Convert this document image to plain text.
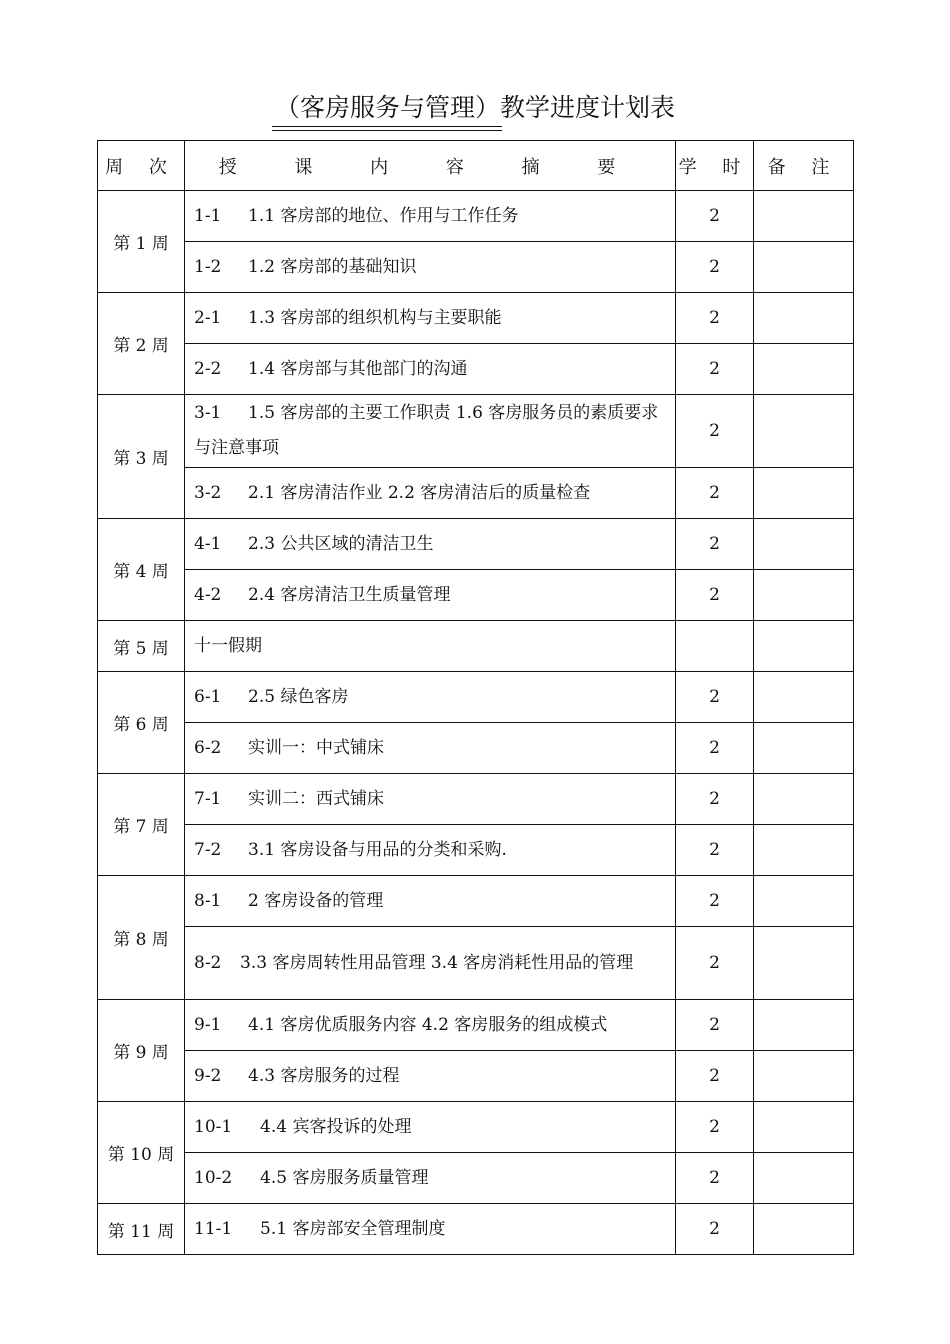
（客房服务与管理）教学进度计划表
周 次	授 课 内 容 摘 要	学 时	备 注
第 1 周	1-1 1.1 客房部的地位、作用与工作任务	2	
	1-2 1.2 客房部的基础知识	2	
第 2 周	2-1 1.3 客房部的组织机构与主要职能	2	
	2-2 1.4 客房部与其他部门的沟通	2	
第 3 周	3-1 1.5 客房部的主要工作职责 1.6 客房服务员的素质要求与注意事项	2	
	3-2 2.1 客房清洁作业 2.2 客房清洁后的质量检查	2	
第 4 周	4-1 2.3 公共区域的清洁卫生	2	
	4-2 2.4 客房清洁卫生质量管理	2	
第 5 周	十一假期		
第 6 周	6-1 2.5 绿色客房	2	
	6-2 实训一：中式铺床	2	
第 7 周	7-1 实训二：西式铺床	2	
	7-2 3.1 客房设备与用品的分类和采购.	2	
第 8 周	8-1 2 客房设备的管理	2	
	8-2 3.3 客房周转性用品管理 3.4 客房消耗性用品的管理	2	
第 9 周	9-1 4.1 客房优质服务内容 4.2 客房服务的组成模式	2	
	9-2 4.3 客房服务的过程	2	
第 10 周	10-1 4.4 宾客投诉的处理	2	
	10-2 4.5 客房服务质量管理	2	
第 11 周	11-1 5.1 客房部安全管理制度	2	
